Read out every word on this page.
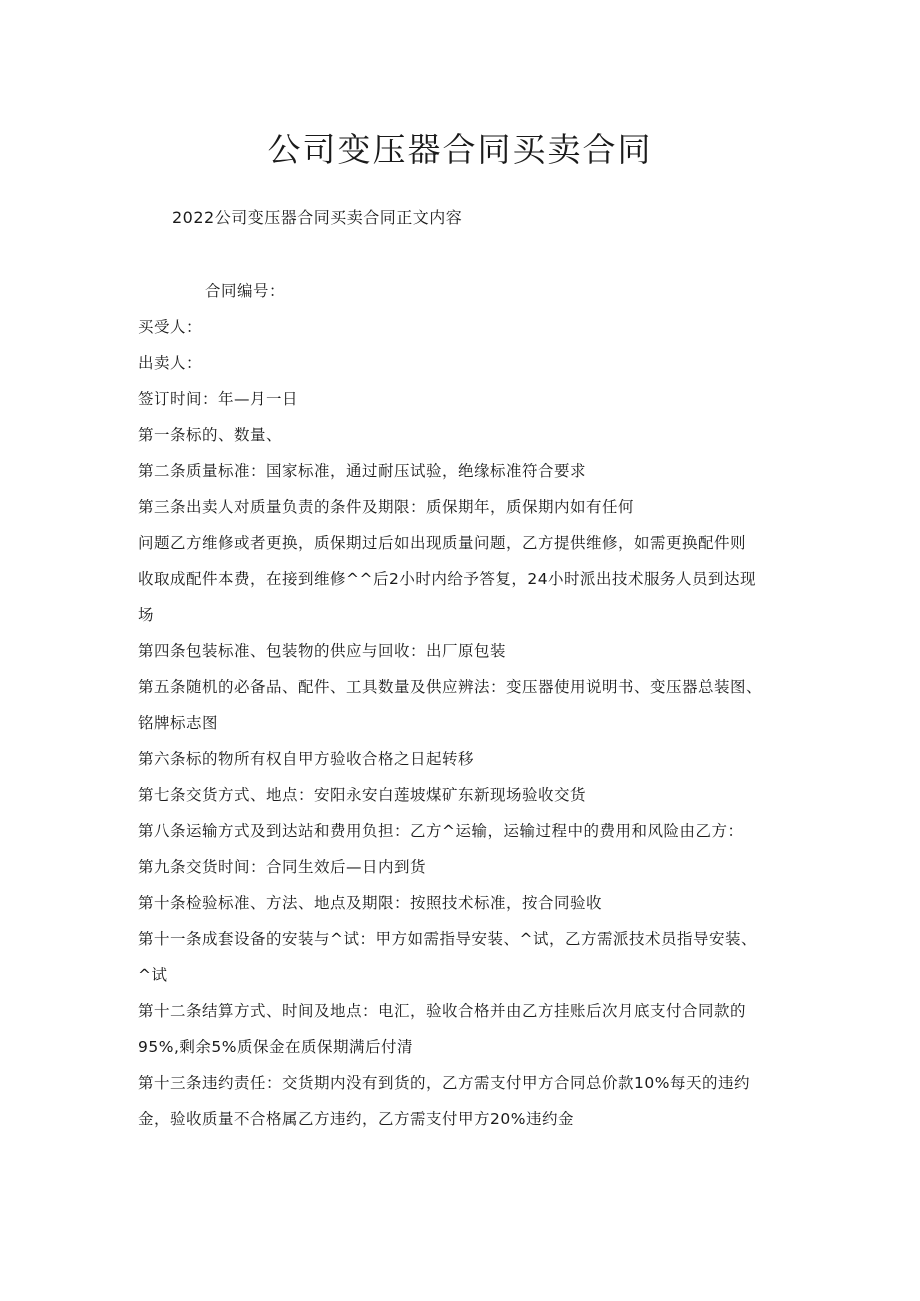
公司变压器合同买卖合同

2022公司变压器合同买卖合同正文内容

合同编号：

买受人：
出卖人：
签订时间：年—月一日
第一条标的、数量、
第二条质量标准：国家标准，通过耐压试验，绝缘标准符合要求
第三条出卖人对质量负责的条件及期限：质保期年，质保期内如有任何
问题乙方维修或者更换，质保期过后如出现质量问题，乙方提供维修，如需更换配件则
收取成配件本费，在接到维修^^后2小时内给予答复，24小时派出技术服务人员到达现
场
第四条包装标准、包装物的供应与回收：出厂原包装
第五条随机的必备品、配件、工具数量及供应辨法：变压器使用说明书、变压器总装图、
铭牌标志图
第六条标的物所有权自甲方验收合格之日起转移
第七条交货方式、地点：安阳永安白莲坡煤矿东新现场验收交货
第八条运输方式及到达站和费用负担：乙方^运输，运输过程中的费用和风险由乙方：
第九条交货时间：合同生效后—日内到货
第十条检验标准、方法、地点及期限：按照技术标准，按合同验收
第十一条成套设备的安装与^试：甲方如需指导安装、^试，乙方需派技术员指导安装、
^试
第十二条结算方式、时间及地点：电汇，验收合格并由乙方挂账后次月底支付合同款的
95%,剩余5%质保金在质保期满后付清
第十三条违约责任：交货期内没有到货的，乙方需支付甲方合同总价款10%每天的违约
金，验收质量不合格属乙方违约，乙方需支付甲方20%违约金
